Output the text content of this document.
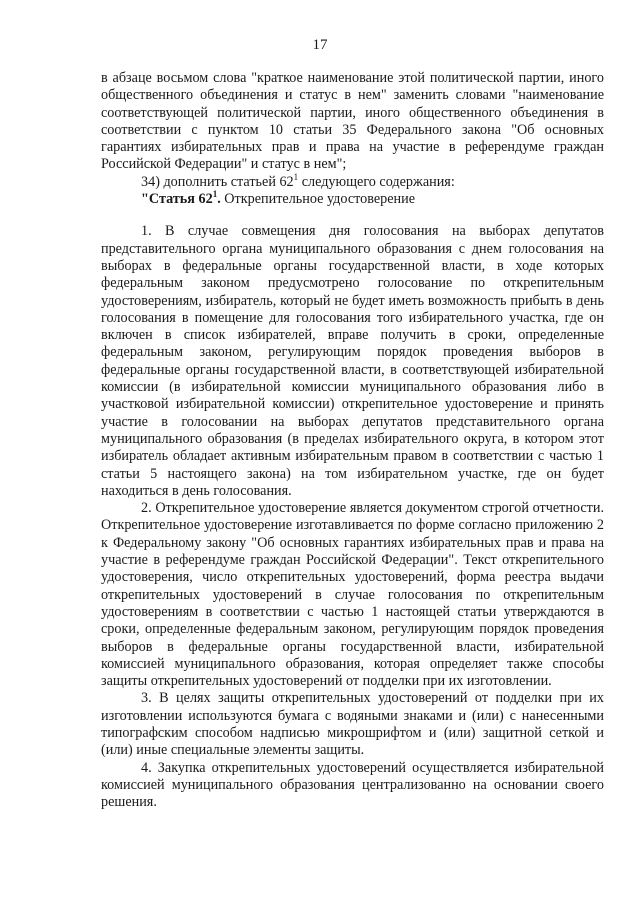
17

в абзаце восьмом слова "краткое наименование этой политической партии, иного общественного объединения и статус в нем" заменить словами "наименование соответствующей политической партии, иного общественного объединения в соответствии с пунктом 10 статьи 35 Федерального закона "Об основных гарантиях избирательных прав и права на участие в референдуме граждан Российской Федерации" и статус в нем";

34) дополнить статьей $62^1$ следующего содержания:

"Статья $62^1$. Открепительное удостоверение

1. В случае совмещения дня голосования на выборах депутатов представительного органа муниципального образования с днем голосования на выборах в федеральные органы государственной власти, в ходе которых федеральным законом предусмотрено голосование по открепительным удостоверениям, избиратель, который не будет иметь возможность прибыть в день голосования в помещение для голосования того избирательного участка, где он включен в список избирателей, вправе получить в сроки, определенные федеральным законом, регулирующим порядок проведения выборов в федеральные органы государственной власти, в соответствующей избирательной комиссии (в избирательной комиссии муниципального образования либо в участковой избирательной комиссии) открепительное удостоверение и принять участие в голосовании на выборах депутатов представительного органа муниципального образования (в пределах избирательного округа, в котором этот избиратель обладает активным избирательным правом в соответствии с частью 1 статьи 5 настоящего закона) на том избирательном участке, где он будет находиться в день голосования.

2. Открепительное удостоверение является документом строгой отчетности. Открепительное удостоверение изготавливается по форме согласно приложению 2 к Федеральному закону "Об основных гарантиях избирательных прав и права на участие в референдуме граждан Российской Федерации". Текст открепительного удостоверения, число открепительных удостоверений, форма реестра выдачи открепительных удостоверений в случае голосования по открепительным удостоверениям в соответствии с частью 1 настоящей статьи утверждаются в сроки, определенные федеральным законом, регулирующим порядок проведения выборов в федеральные органы государственной власти, избирательной комиссией муниципального образования, которая определяет также способы защиты открепительных удостоверений от подделки при их изготовлении.

3. В целях защиты открепительных удостоверений от подделки при их изготовлении используются бумага с водяными знаками и (или) с нанесенными типографским способом надписью микрошрифтом и (или) защитной сеткой и (или) иные специальные элементы защиты.

4. Закупка открепительных удостоверений осуществляется избирательной комиссией муниципального образования централизованно на основании своего решения.
